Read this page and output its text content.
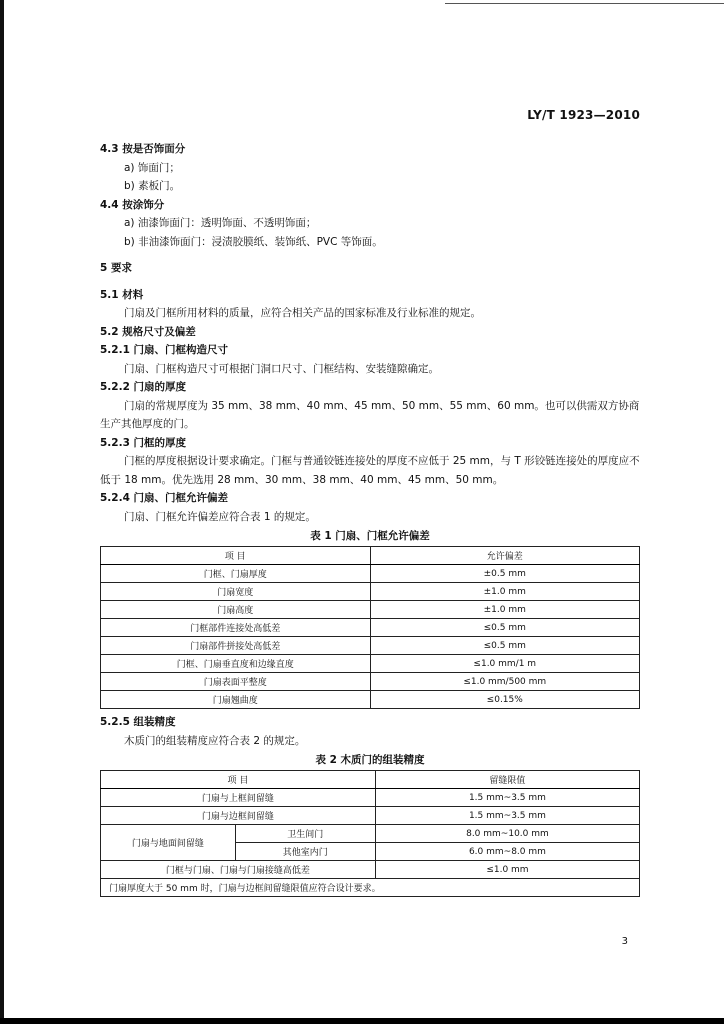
LY/T 1923—2010
4.3 按是否饰面分
a) 饰面门；
b) 素板门。
4.4 按涂饰分
a) 油漆饰面门：透明饰面、不透明饰面；
b) 非油漆饰面门：浸渍胶膜纸、装饰纸、PVC 等饰面。
5 要求
5.1 材料
门扇及门框所用材料的质量，应符合相关产品的国家标准及行业标准的规定。
5.2 规格尺寸及偏差
5.2.1 门扇、门框构造尺寸
门扇、门框构造尺寸可根据门洞口尺寸、门框结构、安装缝隙确定。
5.2.2 门扇的厚度
门扇的常规厚度为 35 mm、38 mm、40 mm、45 mm、50 mm、55 mm、60 mm。也可以供需双方协商生产其他厚度的门。
5.2.3 门框的厚度
门框的厚度根据设计要求确定。门框与普通铰链连接处的厚度不应低于 25 mm，与 T 形铰链连接处的厚度应不低于 18 mm。优先选用 28 mm、30 mm、38 mm、40 mm、45 mm、50 mm。
5.2.4 门扇、门框允许偏差
门扇、门框允许偏差应符合表 1 的规定。
表 1 门扇、门框允许偏差
项 目	允许偏差
门框、门扇厚度	±0.5 mm
门扇宽度	±1.0 mm
门扇高度	±1.0 mm
门框部件连接处高低差	≤0.5 mm
门扇部件拼接处高低差	≤0.5 mm
门框、门扇垂直度和边缘直度	≤1.0 mm/1 m
门扇表面平整度	≤1.0 mm/500 mm
门扇翘曲度	≤0.15%
5.2.5 组装精度
木质门的组装精度应符合表 2 的规定。
表 2 木质门的组装精度
项 目		留缝限值
门扇与上框间留缝		1.5 mm~3.5 mm
门扇与边框间留缝		1.5 mm~3.5 mm
门扇与地面间留缝	卫生间门	8.0 mm~10.0 mm
	其他室内门	6.0 mm~8.0 mm
门框与门扇、门扇与门扇接缝高低差		≤1.0 mm
门扇厚度大于 50 mm 时，门扇与边框间留缝限值应符合设计要求。		
3
